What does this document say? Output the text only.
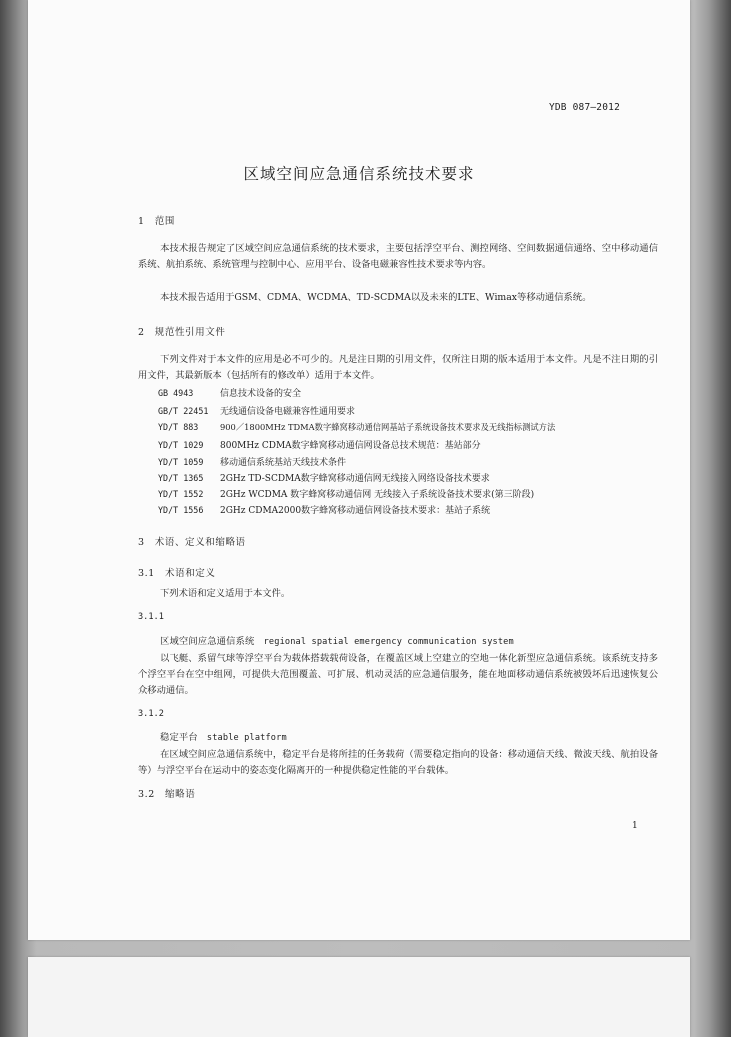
YDB 087—2012
区域空间应急通信系统技术要求
1　范围
本技术报告规定了区域空间应急通信系统的技术要求，主要包括浮空平台、测控网络、空间数据通信通络、空中移动通信系统、航拍系统、系统管理与控制中心、应用平台、设备电磁兼容性技术要求等内容。
本技术报告适用于GSM、CDMA、WCDMA、TD-SCDMA以及未来的LTE、Wimax等移动通信系统。
2　规范性引用文件
下列文件对于本文件的应用是必不可少的。凡是注日期的引用文件，仅所注日期的版本适用于本文件。凡是不注日期的引用文件，其最新版本（包括所有的修改单）适用于本文件。
GB 4943	信息技术设备的安全
GB/T 22451 无线通信设备电磁兼容性通用要求
YD/T 883	900／1800MHz TDMA数字蜂窝移动通信网基站子系统设备技术要求及无线指标测试方法
YD/T 1029 800MHz CDMA数字蜂窝移动通信网设备总技术规范：基站部分
YD/T 1059 移动通信系统基站天线技术条件
YD/T 1365 2GHz TD-SCDMA数字蜂窝移动通信网无线接入网络设备技术要求
YD/T 1552 2GHz WCDMA 数字蜂窝移动通信网 无线接入子系统设备技术要求(第三阶段)
YD/T 1556 2GHz CDMA2000数字蜂窝移动通信网设备技术要求：基站子系统
3　术语、定义和缩略语
3.1　术语和定义
下列术语和定义适用于本文件。
3.1.1
区域空间应急通信系统 regional spatial emergency communication system
以飞艇、系留气球等浮空平台为载体搭载载荷设备，在覆盖区域上空建立的空地一体化新型应急通信系统。该系统支持多个浮空平台在空中组网，可提供大范围覆盖、可扩展、机动灵活的应急通信服务，能在地面移动通信系统被毁坏后迅速恢复公众移动通信。
3.1.2
稳定平台 stable platform
在区域空间应急通信系统中，稳定平台是将所挂的任务载荷（需要稳定指向的设备：移动通信天线、微波天线、航拍设备等）与浮空平台在运动中的姿态变化隔离开的一种提供稳定性能的平台载体。
3.2　缩略语
1
